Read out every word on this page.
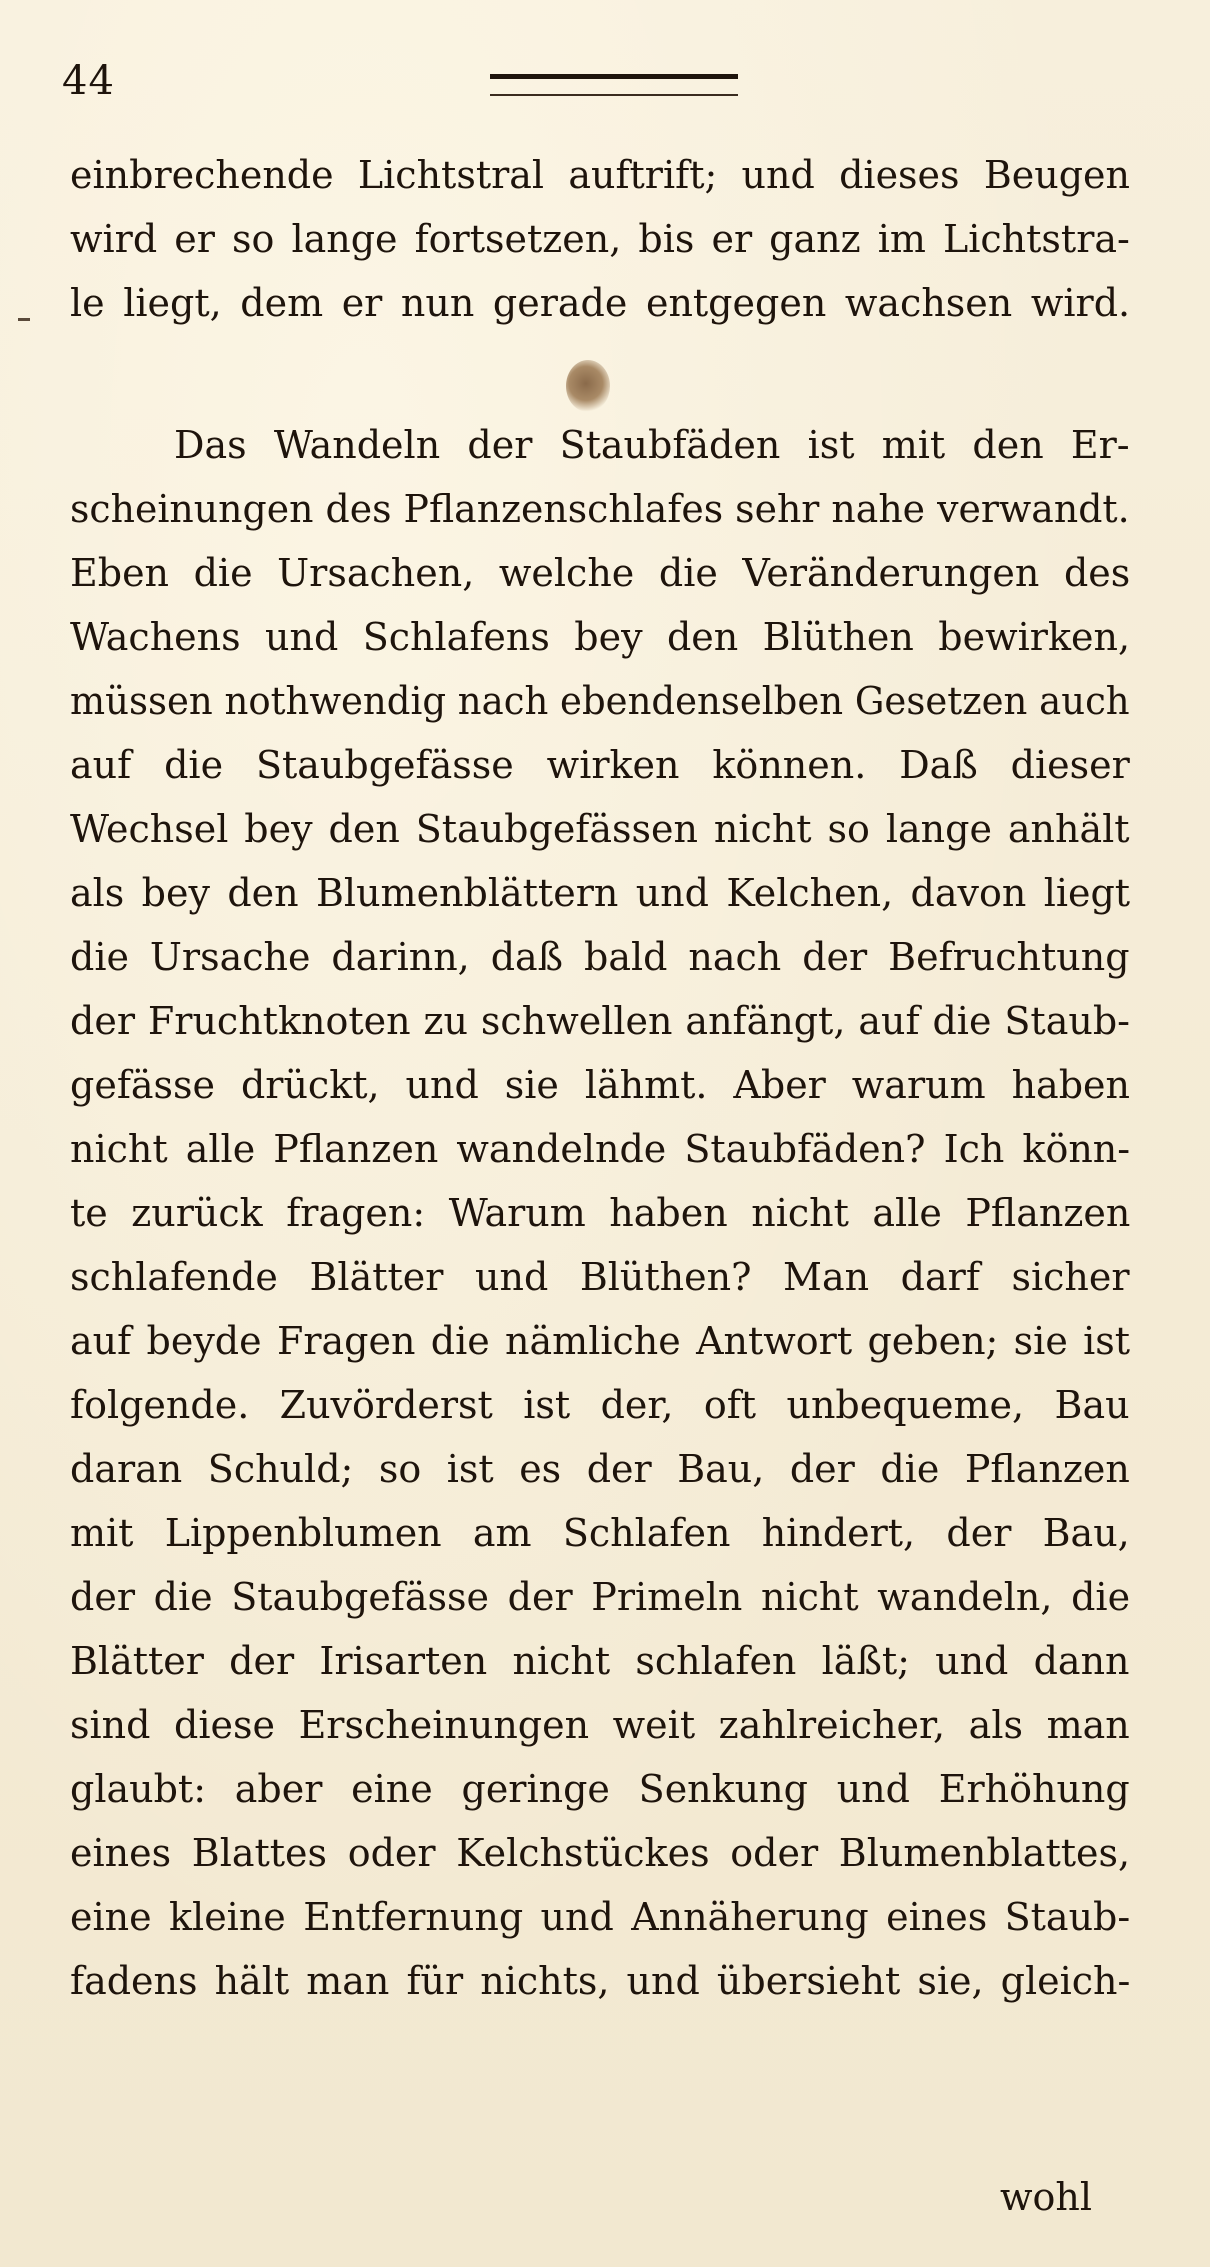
44
einbrechende Lichtstral auftrift; und dieses Beugen
wird er so lange fortsetzen, bis er ganz im Lichtstra-
le liegt, dem er nun gerade entgegen wachsen wird.
Das Wandeln der Staubfäden ist mit den Er-
scheinungen des Pflanzenschlafes sehr nahe verwandt.
Eben die Ursachen, welche die Veränderungen des
Wachens und Schlafens bey den Blüthen bewirken,
müssen nothwendig nach ebendenselben Gesetzen auch
auf die Staubgefässe wirken können. Daß dieser
Wechsel bey den Staubgefässen nicht so lange anhält
als bey den Blumenblättern und Kelchen, davon liegt
die Ursache darinn, daß bald nach der Befruchtung
der Fruchtknoten zu schwellen anfängt, auf die Staub-
gefässe drückt, und sie lähmt. Aber warum haben
nicht alle Pflanzen wandelnde Staubfäden? Ich könn-
te zurück fragen: Warum haben nicht alle Pflanzen
schlafende Blätter und Blüthen? Man darf sicher
auf beyde Fragen die nämliche Antwort geben; sie ist
folgende. Zuvörderst ist der, oft unbequeme, Bau
daran Schuld; so ist es der Bau, der die Pflanzen
mit Lippenblumen am Schlafen hindert, der Bau,
der die Staubgefässe der Primeln nicht wandeln, die
Blätter der Irisarten nicht schlafen läßt; und dann
sind diese Erscheinungen weit zahlreicher, als man
glaubt: aber eine geringe Senkung und Erhöhung
eines Blattes oder Kelchstückes oder Blumenblattes,
eine kleine Entfernung und Annäherung eines Staub-
fadens hält man für nichts, und übersieht sie, gleich-
wohl
